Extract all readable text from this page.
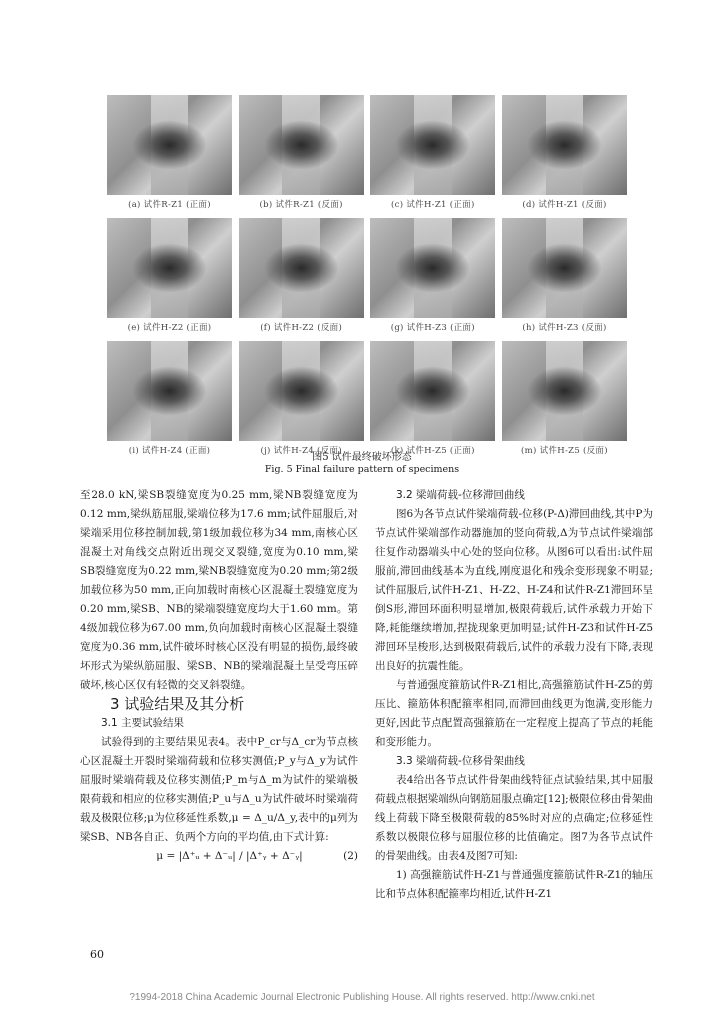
(a) 试件R-Z1 (正面)	(b) 试件R-Z1 (反面)	(c) 试件H-Z1 (正面)	(d) 试件H-Z1 (反面)
(e) 试件H-Z2 (正面)	(f) 试件H-Z2 (反面)	(g) 试件H-Z3 (正面)	(h) 试件H-Z3 (反面)
(i) 试件H-Z4 (正面)	(j) 试件H-Z4 (反面)	(k) 试件H-Z5 (正面)	(m) 试件H-Z5 (反面)
图5 试件最终破坏形态
Fig. 5 Final failure pattern of specimens

至28.0 kN,梁SB裂缝宽度为0.25 mm,梁NB裂缝宽度为0.12 mm,梁纵筋屈服,梁端位移为17.6 mm;试件屈服后,对梁端采用位移控制加载,第1级加载位移为34 mm,南核心区混凝土对角线交点附近出现交叉裂缝,宽度为0.10 mm,梁SB裂缝宽度为0.22 mm,梁NB裂缝宽度为0.20 mm;第2级加载位移为50 mm,正向加载时南核心区混凝土裂缝宽度为0.20 mm,梁SB、NB的梁端裂缝宽度均大于1.60 mm。第4级加载位移为67.00 mm,负向加载时南核心区混凝土裂缝宽度为0.36 mm,试件破坏时核心区没有明显的损伤,最终破坏形式为梁纵筋屈服、梁SB、NB的梁端混凝土呈受弯压碎破坏,核心区仅有轻微的交叉斜裂缝。

3 试验结果及其分析

3.1 主要试验结果

试验得到的主要结果见表4。表中P_cr与Δ_cr为节点核心区混凝土开裂时梁端荷载和位移实测值;P_y与Δ_y为试件屈服时梁端荷载及位移实测值;P_m与Δ_m为试件的梁端极限荷载和相应的位移实测值;P_u与Δ_u为试件破坏时梁端荷载及极限位移;μ为位移延性系数,μ = Δ_u/Δ_y,表中的μ列为梁SB、NB各自正、负两个方向的平均值,由下式计算:

μ = |Δ⁺ᵤ + Δ⁻ᵤ| / |Δ⁺ᵧ + Δ⁻ᵧ|	(2)

3.2 梁端荷载-位移滞回曲线

图6为各节点试件梁端荷载-位移(P-Δ)滞回曲线,其中P为节点试件梁端部作动器施加的竖向荷载,Δ为节点试件梁端部往复作动器端头中心处的竖向位移。从图6可以看出:试件屈服前,滞回曲线基本为直线,刚度退化和残余变形现象不明显;试件屈服后,试件H-Z1、H-Z2、H-Z4和试件R-Z1滞回环呈倒S形,滞回环面积明显增加,极限荷载后,试件承载力开始下降,耗能继续增加,捏拢现象更加明显;试件H-Z3和试件H-Z5滞回环呈梭形,达到极限荷载后,试件的承载力没有下降,表现出良好的抗震性能。

与普通强度箍筋试件R-Z1相比,高强箍筋试件H-Z5的剪压比、箍筋体积配箍率相同,而滞回曲线更为饱满,变形能力更好,因此节点配置高强箍筋在一定程度上提高了节点的耗能和变形能力。

3.3 梁端荷载-位移骨架曲线

表4给出各节点试件骨架曲线特征点试验结果,其中屈服荷载点根据梁端纵向钢筋屈服点确定[12];极限位移由骨架曲线上荷载下降至极限荷载的85%时对应的点确定;位移延性系数以极限位移与屈服位移的比值确定。图7为各节点试件的骨架曲线。由表4及图7可知:

1) 高强箍筋试件H-Z1与普通强度箍筋试件R-Z1的轴压比和节点体积配箍率均相近,试件H-Z1

60
?1994-2018 China Academic Journal Electronic Publishing House. All rights reserved. http://www.cnki.net
